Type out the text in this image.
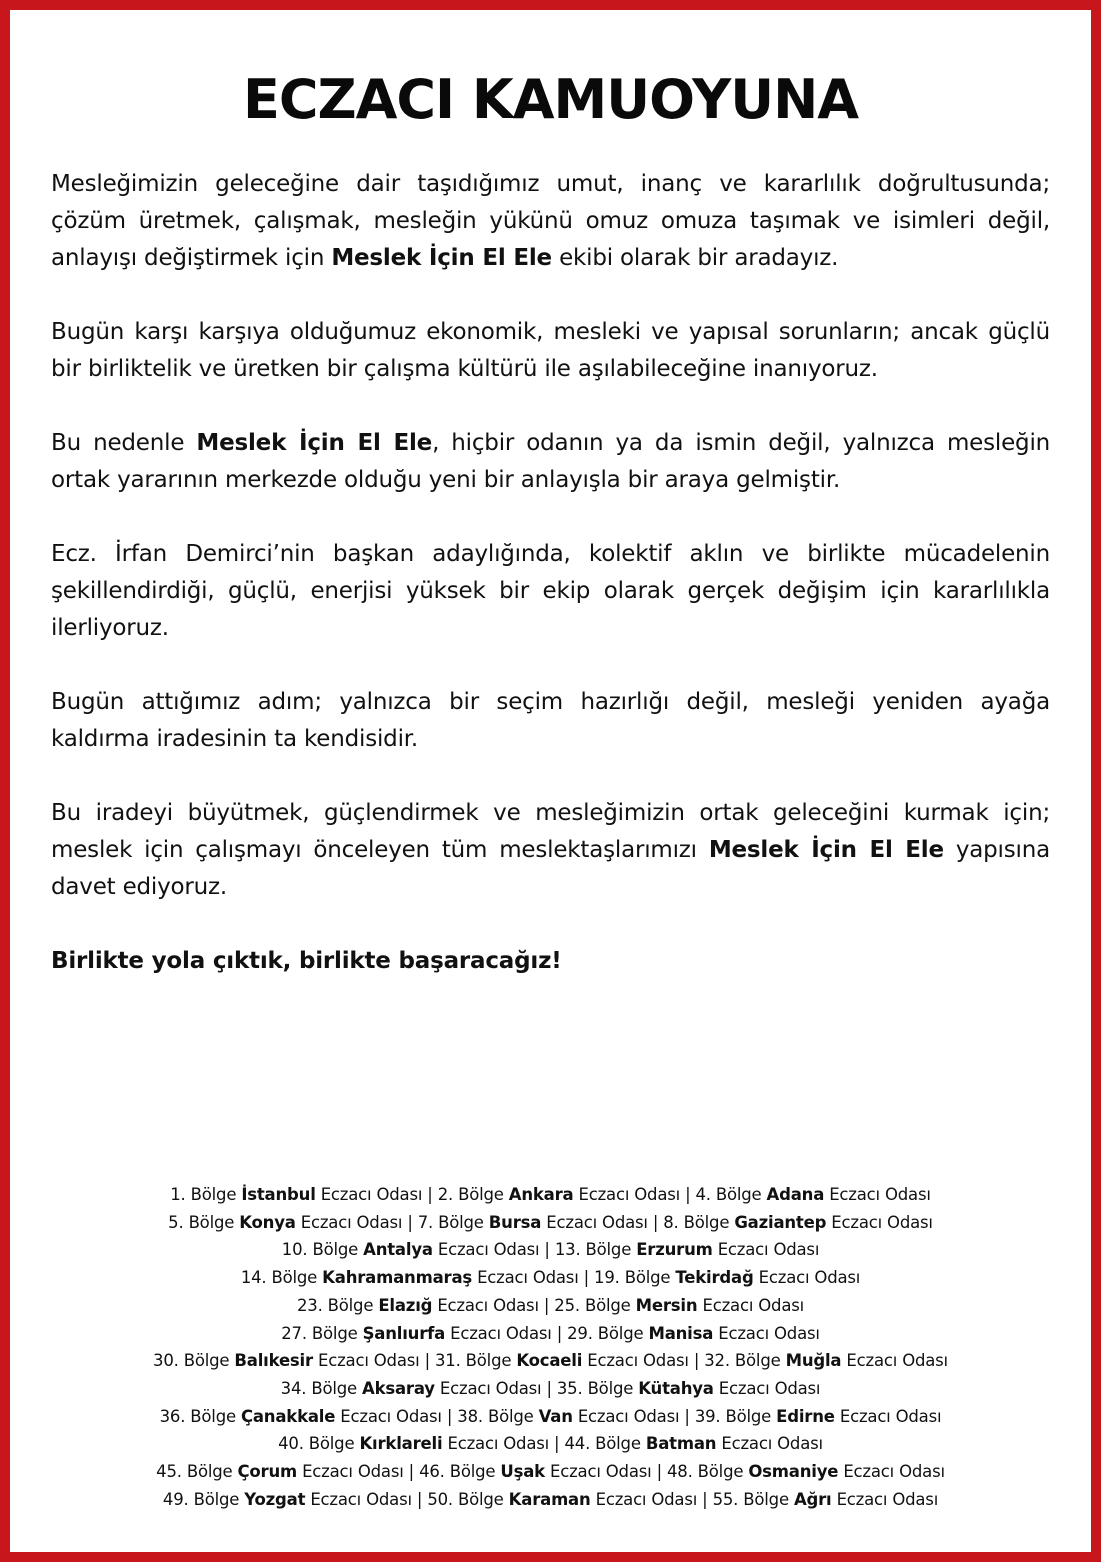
ECZACI KAMUOYUNA

Mesleğimizin geleceğine dair taşıdığımız umut, inanç ve kararlılık doğrultusunda; çözüm üretmek, çalışmak, mesleğin yükünü omuz omuza taşımak ve isimleri değil, anlayışı değiştirmek için Meslek İçin El Ele ekibi olarak bir aradayız.

Bugün karşı karşıya olduğumuz ekonomik, mesleki ve yapısal sorunların; ancak güçlü bir birliktelik ve üretken bir çalışma kültürü ile aşılabileceğine inanıyoruz.

Bu nedenle Meslek İçin El Ele, hiçbir odanın ya da ismin değil, yalnızca mesleğin ortak yararının merkezde olduğu yeni bir anlayışla bir araya gelmiştir.

Ecz. İrfan Demirci’nin başkan adaylığında, kolektif aklın ve birlikte mücadelenin şekillendirdiği, güçlü, enerjisi yüksek bir ekip olarak gerçek değişim için kararlılıkla ilerliyoruz.

Bugün attığımız adım; yalnızca bir seçim hazırlığı değil, mesleği yeniden ayağa kaldırma iradesinin ta kendisidir.

Bu iradeyi büyütmek, güçlendirmek ve mesleğimizin ortak geleceğini kurmak için; meslek için çalışmayı önceleyen tüm meslektaşlarımızı Meslek İçin El Ele yapısına davet ediyoruz.

Birlikte yola çıktık, birlikte başaracağız!

1. Bölge İstanbul Eczacı Odası | 2. Bölge Ankara Eczacı Odası | 4. Bölge Adana Eczacı Odası
5. Bölge Konya Eczacı Odası | 7. Bölge Bursa Eczacı Odası | 8. Bölge Gaziantep Eczacı Odası
10. Bölge Antalya Eczacı Odası | 13. Bölge Erzurum Eczacı Odası
14. Bölge Kahramanmaraş Eczacı Odası | 19. Bölge Tekirdağ Eczacı Odası
23. Bölge Elazığ Eczacı Odası | 25. Bölge Mersin Eczacı Odası
27. Bölge Şanlıurfa Eczacı Odası | 29. Bölge Manisa Eczacı Odası
30. Bölge Balıkesir Eczacı Odası | 31. Bölge Kocaeli Eczacı Odası | 32. Bölge Muğla Eczacı Odası
34. Bölge Aksaray Eczacı Odası | 35. Bölge Kütahya Eczacı Odası
36. Bölge Çanakkale Eczacı Odası | 38. Bölge Van Eczacı Odası | 39. Bölge Edirne Eczacı Odası
40. Bölge Kırklareli Eczacı Odası | 44. Bölge Batman Eczacı Odası
45. Bölge Çorum Eczacı Odası | 46. Bölge Uşak Eczacı Odası | 48. Bölge Osmaniye Eczacı Odası
49. Bölge Yozgat Eczacı Odası | 50. Bölge Karaman Eczacı Odası | 55. Bölge Ağrı Eczacı Odası
